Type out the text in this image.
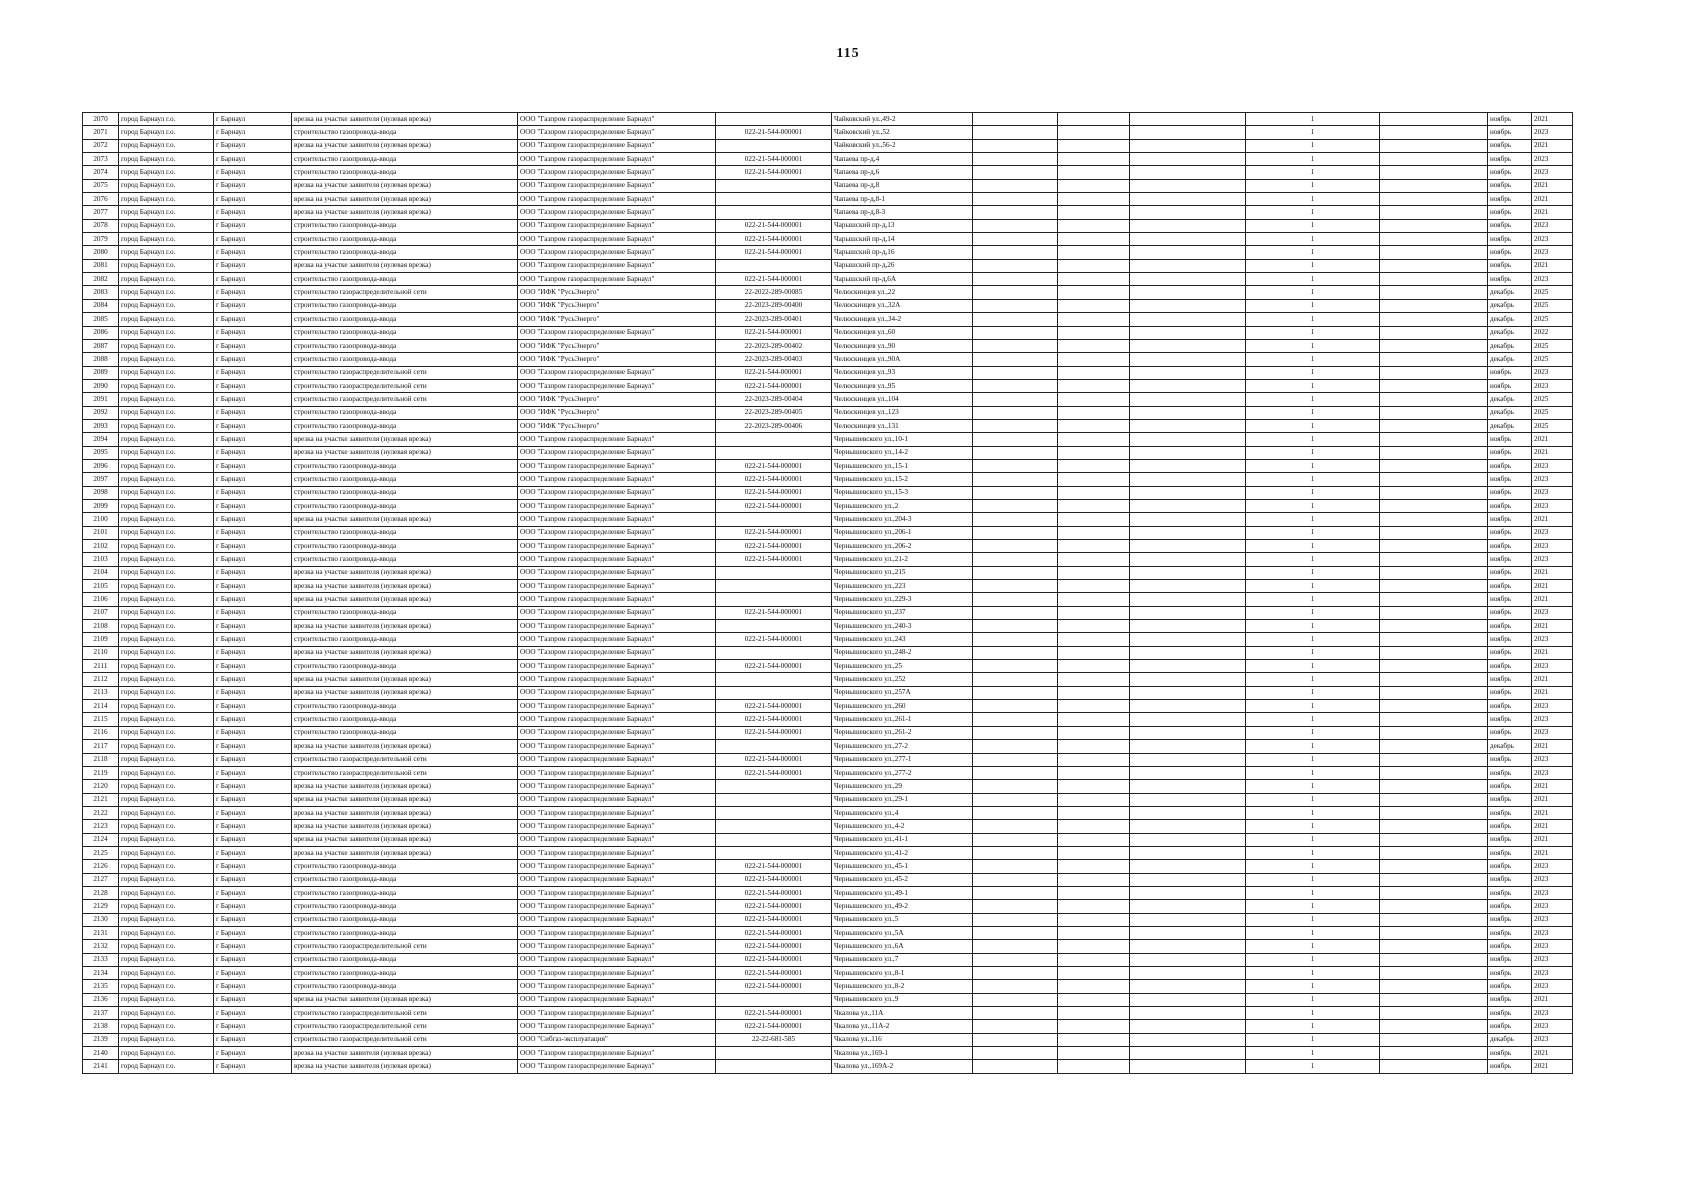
115
2070	город Барнаул г.о.	г Барнаул	врезка на участке заявителя (нулевая врезка)	ООО "Газпром газораспределение Барнаул"		Чайковский ул.,49-2				1		ноябрь	2021
2071	город Барнаул г.о.	г Барнаул	строительство газопровода-ввода	ООО "Газпром газораспределение Барнаул"	022-21-544-000001	Чайковский ул.,52				1		ноябрь	2023
2072	город Барнаул г.о.	г Барнаул	врезка на участке заявителя (нулевая врезка)	ООО "Газпром газораспределение Барнаул"		Чайковский ул.,56-2				1		ноябрь	2021
2073	город Барнаул г.о.	г Барнаул	строительство газопровода-ввода	ООО "Газпром газораспределение Барнаул"	022-21-544-000001	Чапаева пр-д,4				1		ноябрь	2023
2074	город Барнаул г.о.	г Барнаул	строительство газопровода-ввода	ООО "Газпром газораспределение Барнаул"	022-21-544-000001	Чапаева пр-д,6				1		ноябрь	2023
2075	город Барнаул г.о.	г Барнаул	врезка на участке заявителя (нулевая врезка)	ООО "Газпром газораспределение Барнаул"		Чапаева пр-д,8				1		ноябрь	2021
2076	город Барнаул г.о.	г Барнаул	врезка на участке заявителя (нулевая врезка)	ООО "Газпром газораспределение Барнаул"		Чапаева пр-д,8-1				1		ноябрь	2021
2077	город Барнаул г.о.	г Барнаул	врезка на участке заявителя (нулевая врезка)	ООО "Газпром газораспределение Барнаул"		Чапаева пр-д,8-3				1		ноябрь	2021
2078	город Барнаул г.о.	г Барнаул	строительство газопровода-ввода	ООО "Газпром газораспределение Барнаул"	022-21-544-000001	Чарышский пр-д,13				1		ноябрь	2023
2079	город Барнаул г.о.	г Барнаул	строительство газопровода-ввода	ООО "Газпром газораспределение Барнаул"	022-21-544-000001	Чарышский пр-д,14				1		ноябрь	2023
2080	город Барнаул г.о.	г Барнаул	строительство газопровода-ввода	ООО "Газпром газораспределение Барнаул"	022-21-544-000001	Чарышский пр-д,16				1		ноябрь	2023
2081	город Барнаул г.о.	г Барнаул	врезка на участке заявителя (нулевая врезка)	ООО "Газпром газораспределение Барнаул"		Чарышский пр-д,26				1		ноябрь	2021
2082	город Барнаул г.о.	г Барнаул	строительство газопровода-ввода	ООО "Газпром газораспределение Барнаул"	022-21-544-000001	Чарышский пр-д,6А				1		ноябрь	2023
2083	город Барнаул г.о.	г Барнаул	строительство газораспределительной сети	ООО "ИФК "РусьЭнерго"	22-2022-289-00085	Челюскинцев ул.,22				1		декабрь	2025
2084	город Барнаул г.о.	г Барнаул	строительство газопровода-ввода	ООО "ИФК "РусьЭнерго"	22-2023-289-00400	Челюскинцев ул.,32А				1		декабрь	2025
2085	город Барнаул г.о.	г Барнаул	строительство газопровода-ввода	ООО "ИФК "РусьЭнерго"	22-2023-289-00401	Челюскинцев ул.,34-2				1		декабрь	2025
2086	город Барнаул г.о.	г Барнаул	строительство газопровода-ввода	ООО "Газпром газораспределение Барнаул"	022-21-544-000001	Челюскинцев ул.,60				1		декабрь	2022
2087	город Барнаул г.о.	г Барнаул	строительство газопровода-ввода	ООО "ИФК "РусьЭнерго"	22-2023-289-00402	Челюскинцев ул.,90				1		декабрь	2025
2088	город Барнаул г.о.	г Барнаул	строительство газопровода-ввода	ООО "ИФК "РусьЭнерго"	22-2023-289-00403	Челюскинцев ул.,90А				1		декабрь	2025
2089	город Барнаул г.о.	г Барнаул	строительство газораспределительной сети	ООО "Газпром газораспределение Барнаул"	022-21-544-000001	Челюскинцев ул.,93				1		ноябрь	2023
2090	город Барнаул г.о.	г Барнаул	строительство газораспределительной сети	ООО "Газпром газораспределение Барнаул"	022-21-544-000001	Челюскинцев ул.,95				1		ноябрь	2023
2091	город Барнаул г.о.	г Барнаул	строительство газораспределительной сети	ООО "ИФК "РусьЭнерго"	22-2023-289-00404	Челюскинцев ул.,104				1		декабрь	2025
2092	город Барнаул г.о.	г Барнаул	строительство газопровода-ввода	ООО "ИФК "РусьЭнерго"	22-2023-289-00405	Челюскинцев ул.,123				1		декабрь	2025
2093	город Барнаул г.о.	г Барнаул	строительство газопровода-ввода	ООО "ИФК "РусьЭнерго"	22-2023-289-00406	Челюскинцев ул.,131				1		декабрь	2025
2094	город Барнаул г.о.	г Барнаул	врезка на участке заявителя (нулевая врезка)	ООО "Газпром газораспределение Барнаул"		Чернышевского ул.,10-1				1		ноябрь	2021
2095	город Барнаул г.о.	г Барнаул	врезка на участке заявителя (нулевая врезка)	ООО "Газпром газораспределение Барнаул"		Чернышевского ул.,14-2				1		ноябрь	2021
2096	город Барнаул г.о.	г Барнаул	строительство газопровода-ввода	ООО "Газпром газораспределение Барнаул"	022-21-544-000001	Чернышевского ул.,15-1				1		ноябрь	2023
2097	город Барнаул г.о.	г Барнаул	строительство газопровода-ввода	ООО "Газпром газораспределение Барнаул"	022-21-544-000001	Чернышевского ул.,15-2				1		ноябрь	2023
2098	город Барнаул г.о.	г Барнаул	строительство газопровода-ввода	ООО "Газпром газораспределение Барнаул"	022-21-544-000001	Чернышевского ул.,15-3				1		ноябрь	2023
2099	город Барнаул г.о.	г Барнаул	строительство газопровода-ввода	ООО "Газпром газораспределение Барнаул"	022-21-544-000001	Чернышевского ул.,2				1		ноябрь	2023
2100	город Барнаул г.о.	г Барнаул	врезка на участке заявителя (нулевая врезка)	ООО "Газпром газораспределение Барнаул"		Чернышевского ул.,204-3				1		ноябрь	2021
2101	город Барнаул г.о.	г Барнаул	строительство газопровода-ввода	ООО "Газпром газораспределение Барнаул"	022-21-544-000001	Чернышевского ул.,206-1				1		ноябрь	2023
2102	город Барнаул г.о.	г Барнаул	строительство газопровода-ввода	ООО "Газпром газораспределение Барнаул"	022-21-544-000001	Чернышевского ул.,206-2				1		ноябрь	2023
2103	город Барнаул г.о.	г Барнаул	строительство газопровода-ввода	ООО "Газпром газораспределение Барнаул"	022-21-544-000001	Чернышевского ул.,21-2				1		ноябрь	2023
2104	город Барнаул г.о.	г Барнаул	врезка на участке заявителя (нулевая врезка)	ООО "Газпром газораспределение Барнаул"		Чернышевского ул.,215				1		ноябрь	2021
2105	город Барнаул г.о.	г Барнаул	врезка на участке заявителя (нулевая врезка)	ООО "Газпром газораспределение Барнаул"		Чернышевского ул.,223				1		ноябрь	2021
2106	город Барнаул г.о.	г Барнаул	врезка на участке заявителя (нулевая врезка)	ООО "Газпром газораспределение Барнаул"		Чернышевского ул.,229-3				1		ноябрь	2021
2107	город Барнаул г.о.	г Барнаул	строительство газопровода-ввода	ООО "Газпром газораспределение Барнаул"	022-21-544-000001	Чернышевского ул.,237				1		ноябрь	2023
2108	город Барнаул г.о.	г Барнаул	врезка на участке заявителя (нулевая врезка)	ООО "Газпром газораспределение Барнаул"		Чернышевского ул.,240-3				1		ноябрь	2021
2109	город Барнаул г.о.	г Барнаул	строительство газопровода-ввода	ООО "Газпром газораспределение Барнаул"	022-21-544-000001	Чернышевского ул.,243				1		ноябрь	2023
2110	город Барнаул г.о.	г Барнаул	врезка на участке заявителя (нулевая врезка)	ООО "Газпром газораспределение Барнаул"		Чернышевского ул.,248-2				1		ноябрь	2021
2111	город Барнаул г.о.	г Барнаул	строительство газопровода-ввода	ООО "Газпром газораспределение Барнаул"	022-21-544-000001	Чернышевского ул.,25				1		ноябрь	2023
2112	город Барнаул г.о.	г Барнаул	врезка на участке заявителя (нулевая врезка)	ООО "Газпром газораспределение Барнаул"		Чернышевского ул.,252				1		ноябрь	2021
2113	город Барнаул г.о.	г Барнаул	врезка на участке заявителя (нулевая врезка)	ООО "Газпром газораспределение Барнаул"		Чернышевского ул.,257А				1		ноябрь	2021
2114	город Барнаул г.о.	г Барнаул	строительство газопровода-ввода	ООО "Газпром газораспределение Барнаул"	022-21-544-000001	Чернышевского ул.,260				1		ноябрь	2023
2115	город Барнаул г.о.	г Барнаул	строительство газопровода-ввода	ООО "Газпром газораспределение Барнаул"	022-21-544-000001	Чернышевского ул.,261-1				1		ноябрь	2023
2116	город Барнаул г.о.	г Барнаул	строительство газопровода-ввода	ООО "Газпром газораспределение Барнаул"	022-21-544-000001	Чернышевского ул.,261-2				1		ноябрь	2023
2117	город Барнаул г.о.	г Барнаул	врезка на участке заявителя (нулевая врезка)	ООО "Газпром газораспределение Барнаул"		Чернышевского ул.,27-2				1		декабрь	2021
2118	город Барнаул г.о.	г Барнаул	строительство газораспределительной сети	ООО "Газпром газораспределение Барнаул"	022-21-544-000001	Чернышевского ул.,277-1				1		ноябрь	2023
2119	город Барнаул г.о.	г Барнаул	строительство газораспределительной сети	ООО "Газпром газораспределение Барнаул"	022-21-544-000001	Чернышевского ул.,277-2				1		ноябрь	2023
2120	город Барнаул г.о.	г Барнаул	врезка на участке заявителя (нулевая врезка)	ООО "Газпром газораспределение Барнаул"		Чернышевского ул.,29				1		ноябрь	2021
2121	город Барнаул г.о.	г Барнаул	врезка на участке заявителя (нулевая врезка)	ООО "Газпром газораспределение Барнаул"		Чернышевского ул.,29-1				1		ноябрь	2021
2122	город Барнаул г.о.	г Барнаул	врезка на участке заявителя (нулевая врезка)	ООО "Газпром газораспределение Барнаул"		Чернышевского ул.,4				1		ноябрь	2021
2123	город Барнаул г.о.	г Барнаул	врезка на участке заявителя (нулевая врезка)	ООО "Газпром газораспределение Барнаул"		Чернышевского ул.,4-2				1		ноябрь	2021
2124	город Барнаул г.о.	г Барнаул	врезка на участке заявителя (нулевая врезка)	ООО "Газпром газораспределение Барнаул"		Чернышевского ул.,41-1				1		ноябрь	2021
2125	город Барнаул г.о.	г Барнаул	врезка на участке заявителя (нулевая врезка)	ООО "Газпром газораспределение Барнаул"		Чернышевского ул.,41-2				1		ноябрь	2021
2126	город Барнаул г.о.	г Барнаул	строительство газопровода-ввода	ООО "Газпром газораспределение Барнаул"	022-21-544-000001	Чернышевского ул.,45-1				1		ноябрь	2023
2127	город Барнаул г.о.	г Барнаул	строительство газопровода-ввода	ООО "Газпром газораспределение Барнаул"	022-21-544-000001	Чернышевского ул.,45-2				1		ноябрь	2023
2128	город Барнаул г.о.	г Барнаул	строительство газопровода-ввода	ООО "Газпром газораспределение Барнаул"	022-21-544-000001	Чернышевского ул.,49-1				1		ноябрь	2023
2129	город Барнаул г.о.	г Барнаул	строительство газопровода-ввода	ООО "Газпром газораспределение Барнаул"	022-21-544-000001	Чернышевского ул.,49-2				1		ноябрь	2023
2130	город Барнаул г.о.	г Барнаул	строительство газопровода-ввода	ООО "Газпром газораспределение Барнаул"	022-21-544-000001	Чернышевского ул.,5				1		ноябрь	2023
2131	город Барнаул г.о.	г Барнаул	строительство газопровода-ввода	ООО "Газпром газораспределение Барнаул"	022-21-544-000001	Чернышевского ул.,5А				1		ноябрь	2023
2132	город Барнаул г.о.	г Барнаул	строительство газораспределительной сети	ООО "Газпром газораспределение Барнаул"	022-21-544-000001	Чернышевского ул.,6А				1		ноябрь	2023
2133	город Барнаул г.о.	г Барнаул	строительство газопровода-ввода	ООО "Газпром газораспределение Барнаул"	022-21-544-000001	Чернышевского ул.,7				1		ноябрь	2023
2134	город Барнаул г.о.	г Барнаул	строительство газопровода-ввода	ООО "Газпром газораспределение Барнаул"	022-21-544-000001	Чернышевского ул.,8-1				1		ноябрь	2023
2135	город Барнаул г.о.	г Барнаул	строительство газопровода-ввода	ООО "Газпром газораспределение Барнаул"	022-21-544-000001	Чернышевского ул.,8-2				1		ноябрь	2023
2136	город Барнаул г.о.	г Барнаул	врезка на участке заявителя (нулевая врезка)	ООО "Газпром газораспределение Барнаул"		Чернышевского ул.,9				1		ноябрь	2021
2137	город Барнаул г.о.	г Барнаул	строительство газораспределительной сети	ООО "Газпром газораспределение Барнаул"	022-21-544-000001	Чкалова ул.,11А				1		ноябрь	2023
2138	город Барнаул г.о.	г Барнаул	строительство газораспределительной сети	ООО "Газпром газораспределение Барнаул"	022-21-544-000001	Чкалова ул.,11А-2				1		ноябрь	2023
2139	город Барнаул г.о.	г Барнаул	строительство газораспределительной сети	ООО "Сибгаз-эксплуатация"	22-22-681-585	Чкалова ул.,116				1		декабрь	2023
2140	город Барнаул г.о.	г Барнаул	врезка на участке заявителя (нулевая врезка)	ООО "Газпром газораспределение Барнаул"		Чкалова ул.,169-1				1		ноябрь	2021
2141	город Барнаул г.о.	г Барнаул	врезка на участке заявителя (нулевая врезка)	ООО "Газпром газораспределение Барнаул"		Чкалова ул.,169А-2				1		ноябрь	2021
